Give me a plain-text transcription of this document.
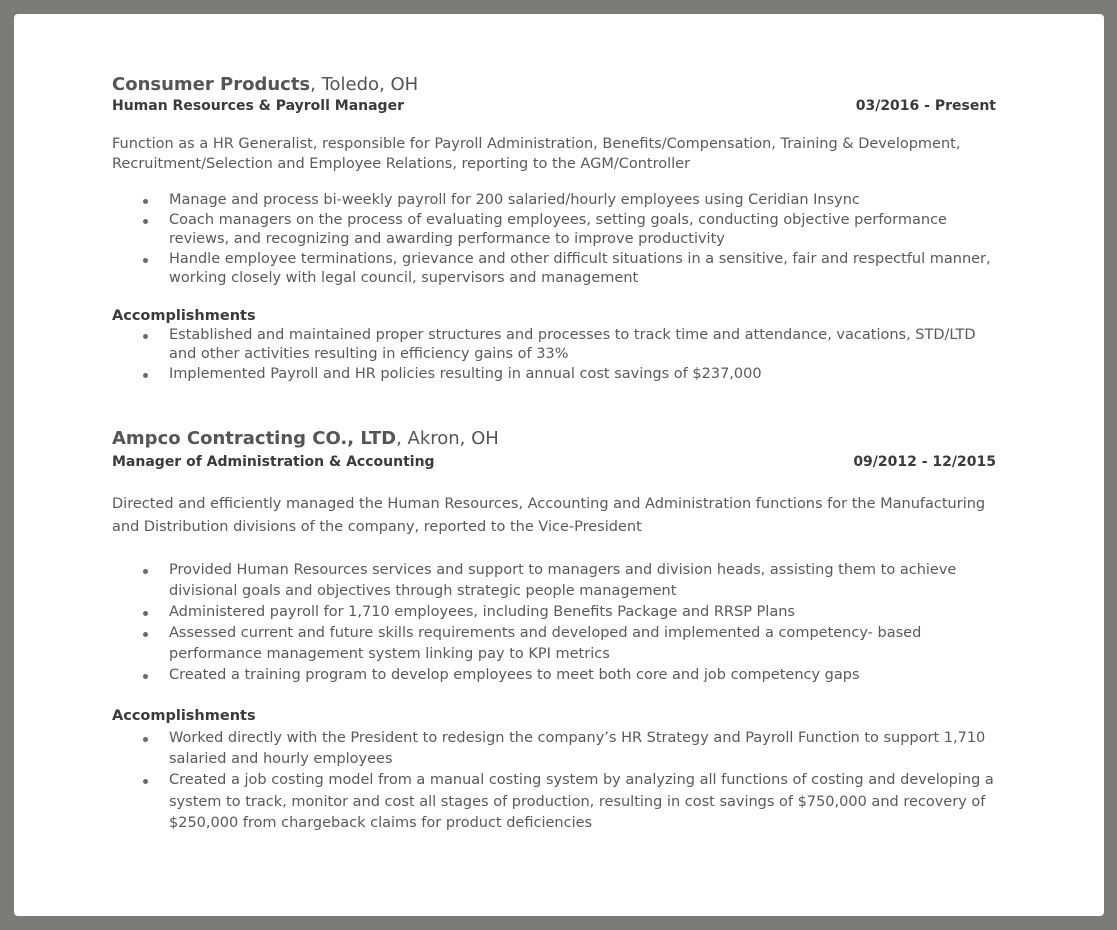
Consumer Products, Toledo, OH
Human Resources & Payroll Manager	03/2016 - Present

Function as a HR Generalist, responsible for Payroll Administration, Benefits/Compensation, Training & Development, Recruitment/Selection and Employee Relations, reporting to the AGM/Controller

Manage and process bi-weekly payroll for 200 salaried/hourly employees using Ceridian Insync
Coach managers on the process of evaluating employees, setting goals, conducting objective performance reviews, and recognizing and awarding performance to improve productivity
Handle employee terminations, grievance and other difficult situations in a sensitive, fair and respectful manner, working closely with legal council, supervisors and management
Accomplishments
Established and maintained proper structures and processes to track time and attendance, vacations, STD/LTD and other activities resulting in efficiency gains of 33%
Implemented Payroll and HR policies resulting in annual cost savings of $237,000
Ampco Contracting CO., LTD, Akron, OH
Manager of Administration & Accounting	09/2012 - 12/2015

Directed and efficiently managed the Human Resources, Accounting and Administration functions for the Manufacturing and Distribution divisions of the company, reported to the Vice-President

Provided Human Resources services and support to managers and division heads, assisting them to achieve divisional goals and objectives through strategic people management
Administered payroll for 1,710 employees, including Benefits Package and RRSP Plans
Assessed current and future skills requirements and developed and implemented a competency- based performance management system linking pay to KPI metrics
Created a training program to develop employees to meet both core and job competency gaps
Accomplishments
Worked directly with the President to redesign the company’s HR Strategy and Payroll Function to support 1,710 salaried and hourly employees
Created a job costing model from a manual costing system by analyzing all functions of costing and developing a system to track, monitor and cost all stages of production, resulting in cost savings of $750,000 and recovery of $250,000 from chargeback claims for product deficiencies
